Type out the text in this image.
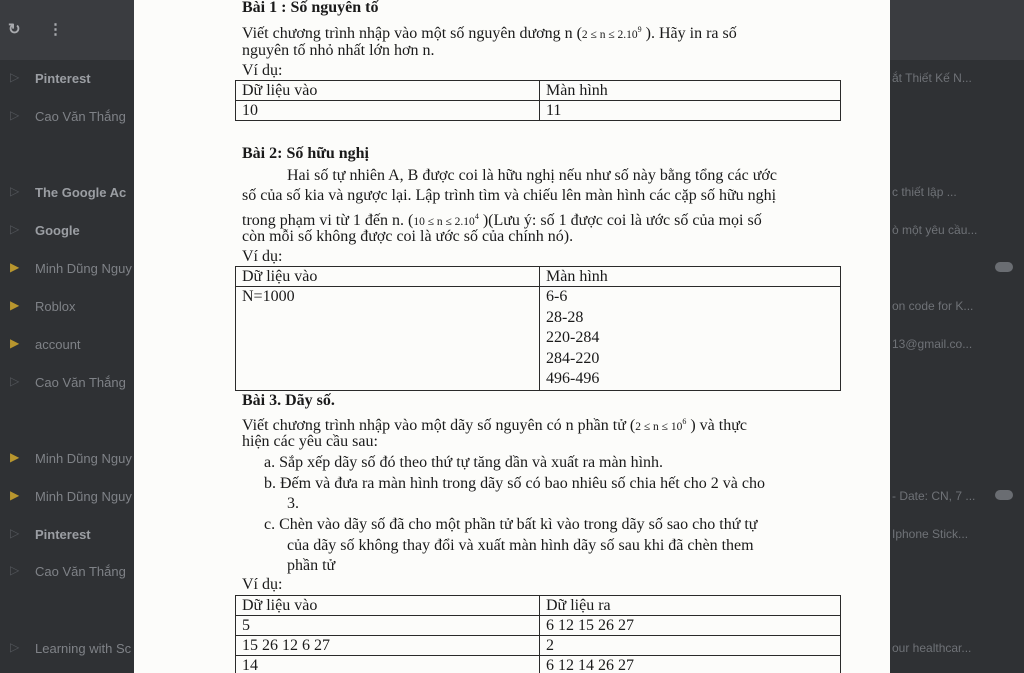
↻ ⋮
▷ Pinterest	ắt Thiết Kế N...
▷ Cao Văn Thắng
▷ The Google Ac	c thiết lập ...
▷ Google	ò một yêu cầu...
▶ Minh Dũng Nguy
▶ Roblox	on code for K...
▶ account	13@gmail.co...
▷ Cao Văn Thắng
▶ Minh Dũng Nguy
▶ Minh Dũng Nguy	- Date: CN, 7 ...
▷ Pinterest	Iphone Stick...
▷ Cao Văn Thắng
▷ Learning with Sc	our healthcar...
Bài 1 : Số nguyên tố
Viết chương trình nhập vào một số nguyên dương n ($2 \le n \le 2.10^9$ ). Hãy in ra số
nguyên tố nhỏ nhất lớn hơn n.
Ví dụ:
Dữ liệu vào	Màn hình
10	11
Bài 2: Số hữu nghị
Hai số tự nhiên A, B được coi là hữu nghị nếu như số này bằng tổng các ước
số của số kia và ngược lại. Lập trình tìm và chiếu lên màn hình các cặp số hữu nghị
trong phạm vi từ 1 đến n. ($10 \le n \le 2.10^4$ )(Lưu ý: số 1 được coi là ước số của mọi số
còn mỗi số không được coi là ước số của chính nó).
Ví dụ:
Dữ liệu vào	Màn hình
N=1000	6-6
28-28
220-284
284-220
496-496
Bài 3. Dãy số.
Viết chương trình nhập vào một dãy số nguyên có n phần tử ($2 \le n \le 10^6$ ) và thực
hiện các yêu cầu sau:
a. Sắp xếp dãy số đó theo thứ tự tăng dần và xuất ra màn hình.
b. Đếm và đưa ra màn hình trong dãy số có bao nhiêu số chia hết cho 2 và cho
3.
c. Chèn vào dãy số đã cho một phần tử bất kì vào trong dãy số sao cho thứ tự
của dãy số không thay đổi và xuất màn hình dãy số sau khi đã chèn them
phần tử
Ví dụ:
Dữ liệu vào	Dữ liệu ra
5	6 12 15 26 27
15 26 12 6 27	2
14	6 12 14 26 27
